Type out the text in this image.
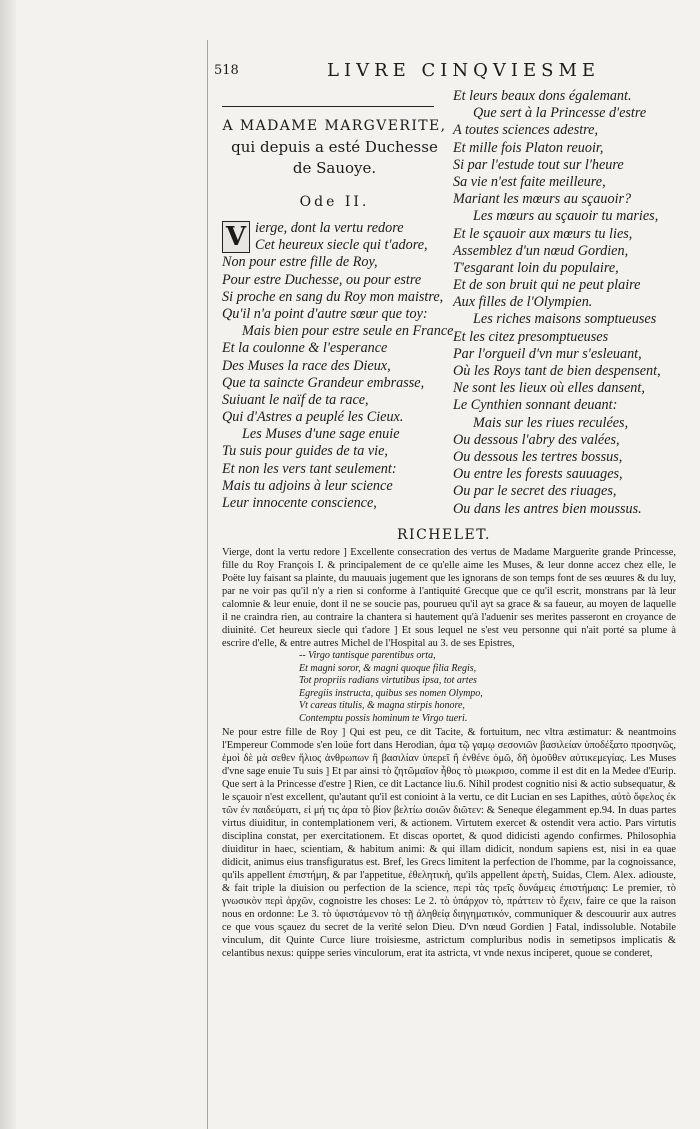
518	LIVRE CINQVIESME
A MADAME MARGVERITE,
qui depuis a esté Duchesse
de Sauoye.
Ode II.
V ierge, dont la vertu redore
Cet heureux siecle qui t'adore,
Non pour estre fille de Roy,
Pour estre Duchesse, ou pour estre
Si proche en sang du Roy mon maistre,
Qu'il n'a point d'autre sœur que toy:
Mais bien pour estre seule en France
Et la coulonne & l'esperance
Des Muses la race des Dieux,
Que ta saincte Grandeur embrasse,
Suiuant le naïf de ta race,
Qui d'Astres a peuplé les Cieux.
Les Muses d'une sage enuie
Tu suis pour guides de ta vie,
Et non les vers tant seulement:
Mais tu adjoins à leur science
Leur innocente conscience,
Et leurs beaux dons égalemant.
Que sert à la Princesse d'estre
A toutes sciences adestre,
Et mille fois Platon reuoir,
Si par l'estude tout sur l'heure
Sa vie n'est faite meilleure,
Mariant les mœurs au sçauoir?
Les mœurs au sçauoir tu maries,
Et le sçauoir aux mœurs tu lies,
Assemblez d'un nœud Gordien,
T'esgarant loin du populaire,
Et de son bruit qui ne peut plaire
Aux filles de l'Olympien.
Les riches maisons somptueuses
Et les citez presomptueuses
Par l'orgueil d'vn mur s'esleuant,
Où les Roys tant de bien despensent,
Ne sont les lieux où elles dansent,
Le Cynthien sonnant deuant:
Mais sur les riues reculées,
Ou dessous l'abry des valées,
Ou dessous les tertres bossus,
Ou entre les forests sauuages,
Ou par le secret des riuages,
Ou dans les antres bien moussus.
RICHELET.

Vierge, dont la vertu redore ] Excellente consecration des vertus de Madame Marguerite grande Princesse, fille du Roy François I. & principalement de ce qu'elle aime les Muses, & leur donne accez chez elle, le Poëte luy faisant sa plainte, du mauuais jugement que les ignorans de son temps font de ses œuures & du luy, par ne voir pas qu'il n'y a rien si conforme à l'antiquité Grecque que ce qu'il escrit, monstrans par là leur calomnie & leur enuie, dont il ne se soucie pas, pourueu qu'il ayt sa grace & sa faueur, au moyen de laquelle il ne craindra rien, au contraire la chantera si hautement qu'à l'aduenir ses merites passeront en croyance de diuinité. Cet heureux siecle qui t'adore ] Et sous lequel ne s'est veu personne qui n'ait porté sa plume à escrire d'elle, & entre autres Michel de l'Hospital au 3. de ses Epistres,

-- Virgo tantisque parentibus orta,
Et magni soror, & magni quoque filia Regis,
Tot propriis radians virtutibus ipsa, tot artes
Egregiis instructa, quibus ses nomen Olympo,
Vt careas titulis, & magna stirpis honore,
Contemptu possis hominum te Virgo tueri.

Ne pour estre fille de Roy ] Qui est peu, ce dit Tacite, & fortuitum, nec vltra æstimatur: & neantmoins l'Empereur Commode s'en loüe fort dans Herodian, ἀμα τῷ γαμῳ σεσονιῶν βασιλείαν ὑποδέξατο προσηνῶς, ἐμοὶ δὲ μὰ σεθεν ἥλιος ἀνθρωπων ἢ βασιλίαν ὑπερεῖ ἢ ἐνθένε ὀμῶ, δῆ ὁμοῦθεν αὐτικεμεγίας. Les Muses d'vne sage enuie Tu suis ] Et par ainsi τὸ ζητῶμαῖον ἦθος τὸ μιωκρισο, comme il est dit en la Medee d'Eurip. Que sert à la Princesse d'estre ] Rien, ce dit Lactance liu.6. Nihil prodest cognitio nisi & actio subsequatur, & le sçauoir n'est excellent, qu'autant qu'il est conioint à la vertu, ce dit Lucian en ses Lapithes, αὐτὸ ὄφελος ἐκ τῶν ἐν παιδεύματι, εἰ μή τις ἀρα τὸ βίον βελτίω σοιῶν διῶτεν: & Seneque élegamment ep.94. In duas partes virtus diuiditur, in contemplationem veri, & actionem. Virtutem exercet & ostendit vera actio. Pars virtutis disciplina constat, per exercitationem. Et discas oportet, & quod didicisti agendo confirmes. Philosophia diuiditur in haec, scientiam, & habitum animi: & qui illam didicit, nondum sapiens est, nisi in ea quae didicit, animus eius transfiguratus est. Bref, les Grecs limitent la perfection de l'homme, par la cognoissance, qu'ils appellent ἐπιστήμη, & par l'appetitue, ἐθελητικὴ, qu'ils appellent ἀρετὴ, Suidas, Clem. Alex. adiouste, & fait triple la diuision ou perfection de la science, περὶ τὰς τρεῖς δυνάμεις ἐπιστήμαις: Le premier, τὸ γνωσικὸν περὶ ἀρχῶν, cognoistre les choses: Le 2. τὸ ὑπάρχον τὸ, πράττειν τὸ ἔχειν, faire ce que la raison nous en ordonne: Le 3. τὸ ὑφιστάμενον τὸ τῇ ἀληθείᾳ διηγηματικόν, communiquer & descouurir aux autres ce que vous sçauez du secret de la verité selon Dieu. D'vn nœud Gordien ] Fatal, indissoluble. Notabile vinculum, dit Quinte Curce liure troisiesme, astrictum compluribus nodis in semetipsos implicatis & celantibus nexus: quippe series vinculorum, erat ita astricta, vt vnde nexus inciperet, quoue se conderet,
